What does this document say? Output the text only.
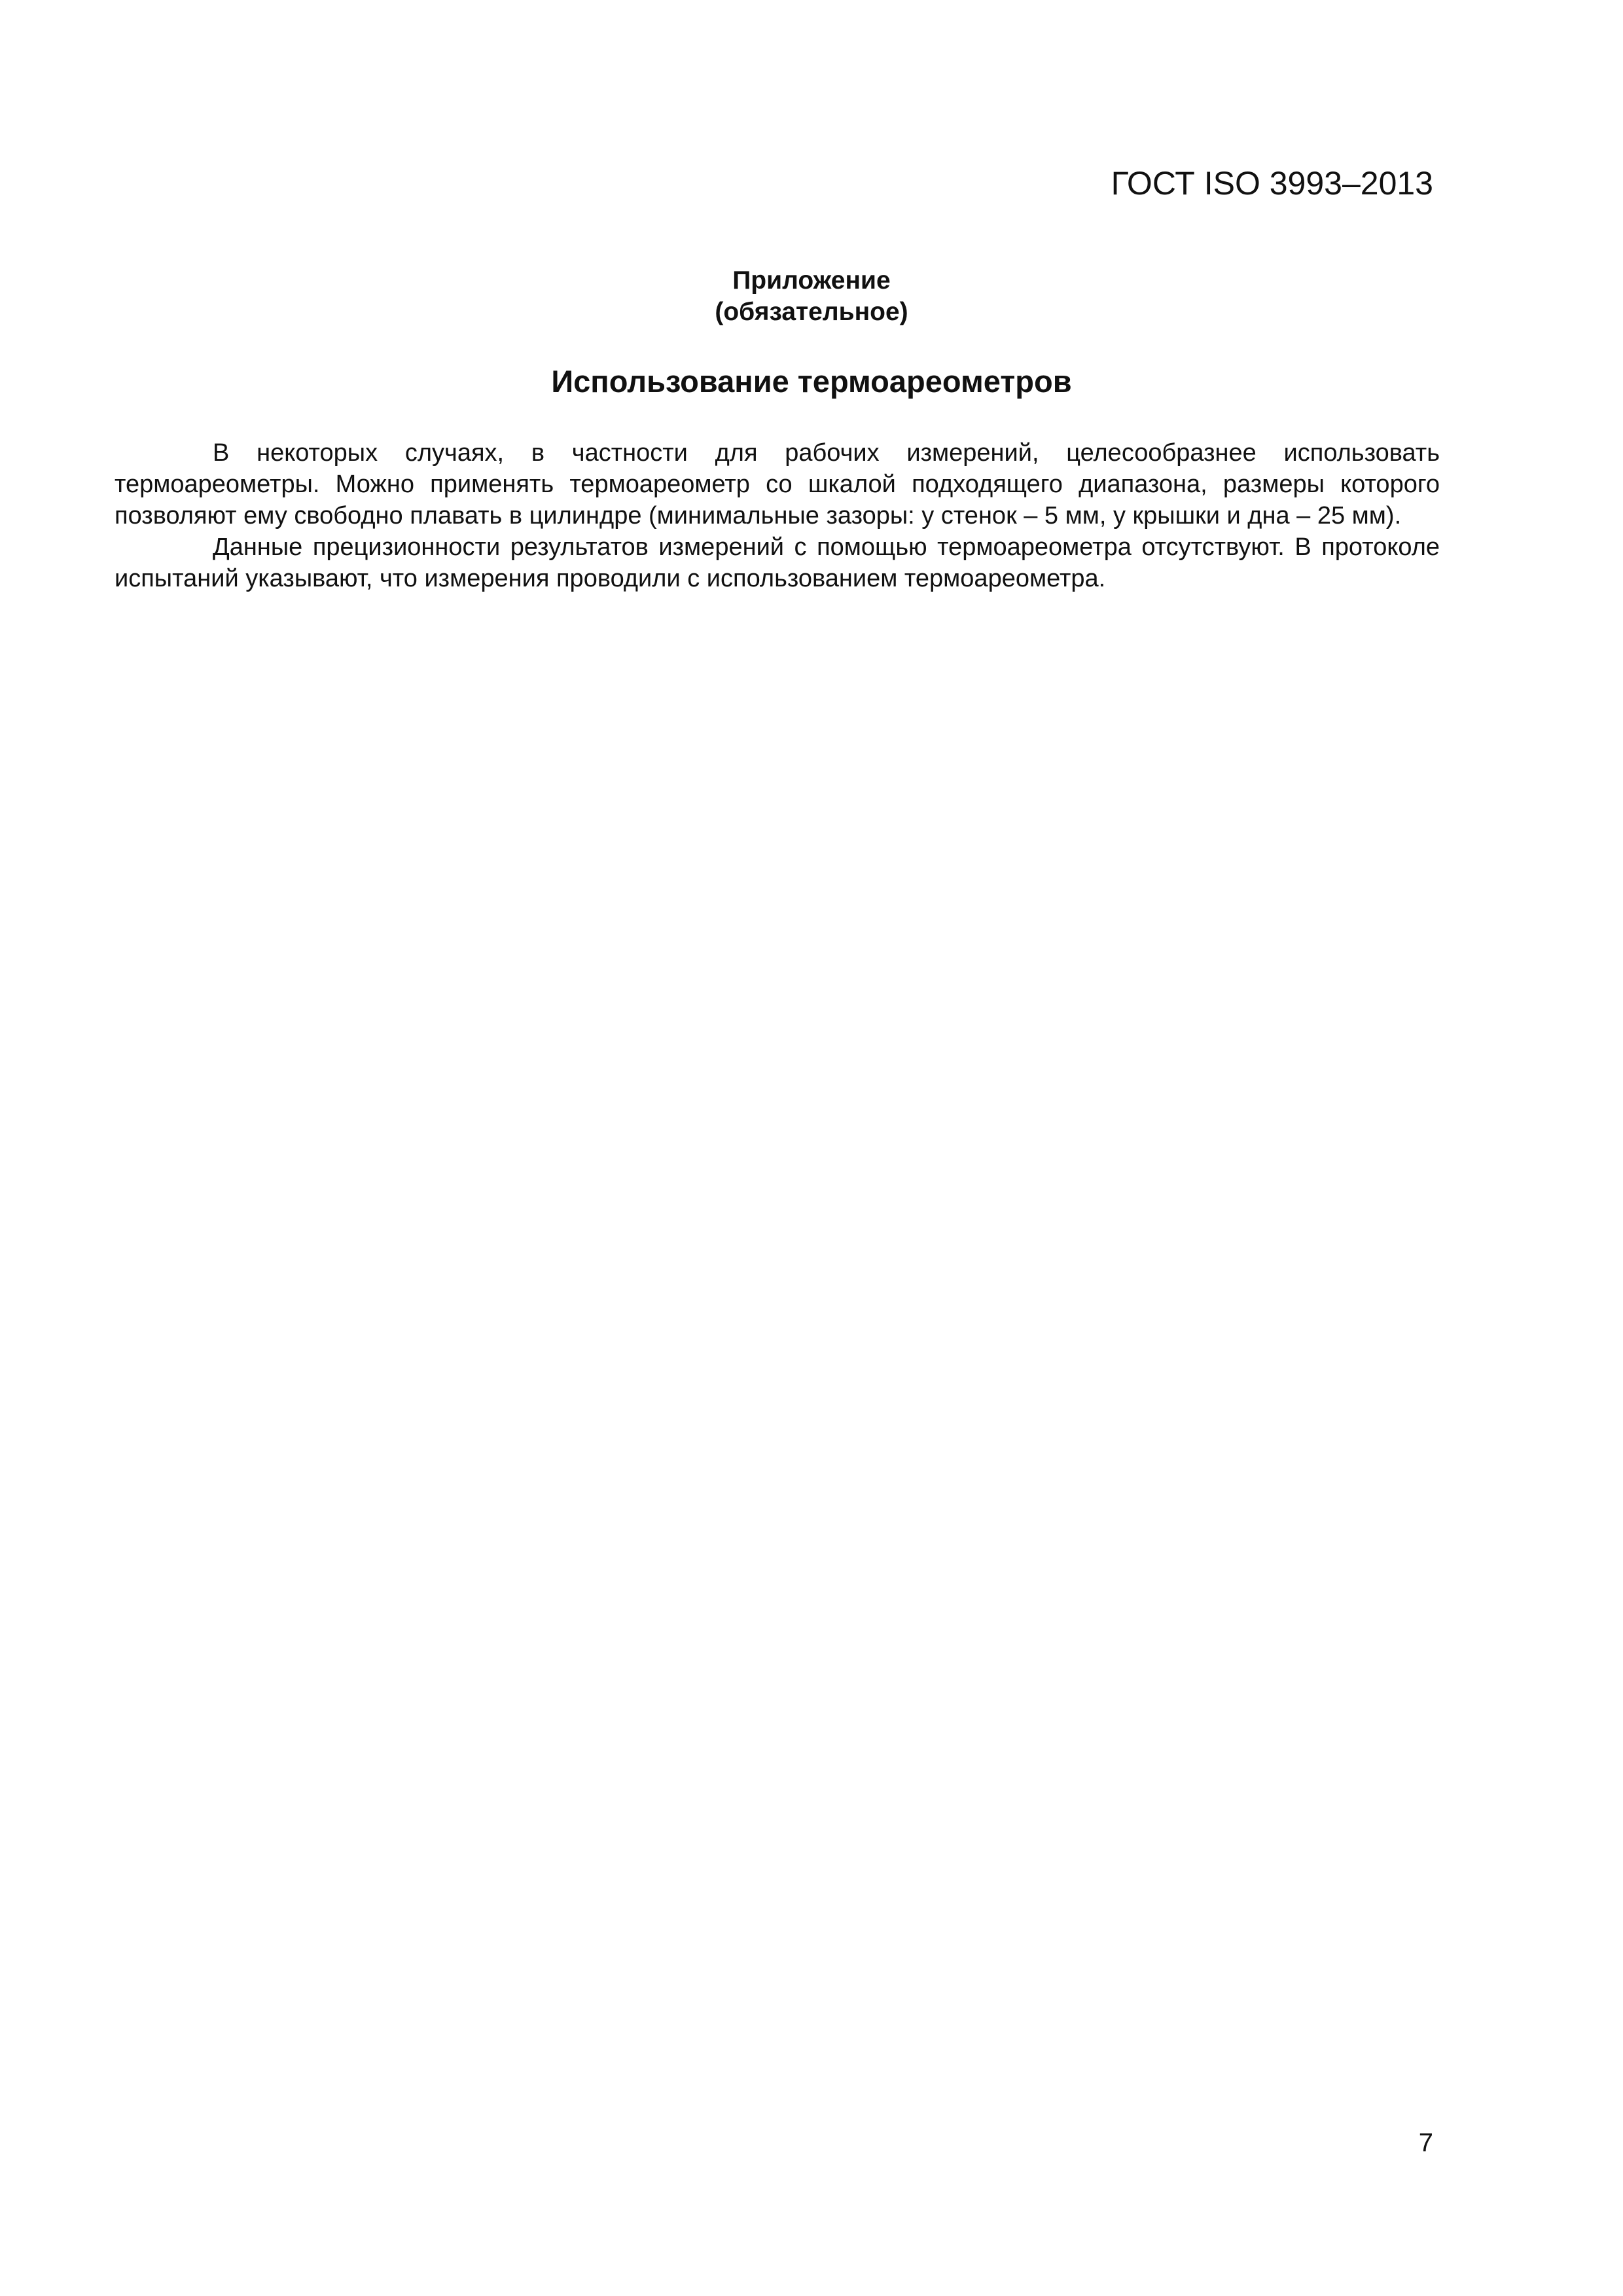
ГОСТ ISO 3993–2013
Приложение
(обязательное)
Использование термоареометров

В некоторых случаях, в частности для рабочих измерений, целесообразнее использовать термоареометры. Можно применять термоареометр со шкалой подходящего диапазона, размеры которого позволяют ему свободно плавать в цилиндре (минимальные зазоры: у стенок – 5 мм, у крышки и дна – 25 мм).

Данные прецизионности результатов измерений с помощью термоареометра отсутствуют. В протоколе испытаний указывают, что измерения проводили с использованием термоареометра.

7
